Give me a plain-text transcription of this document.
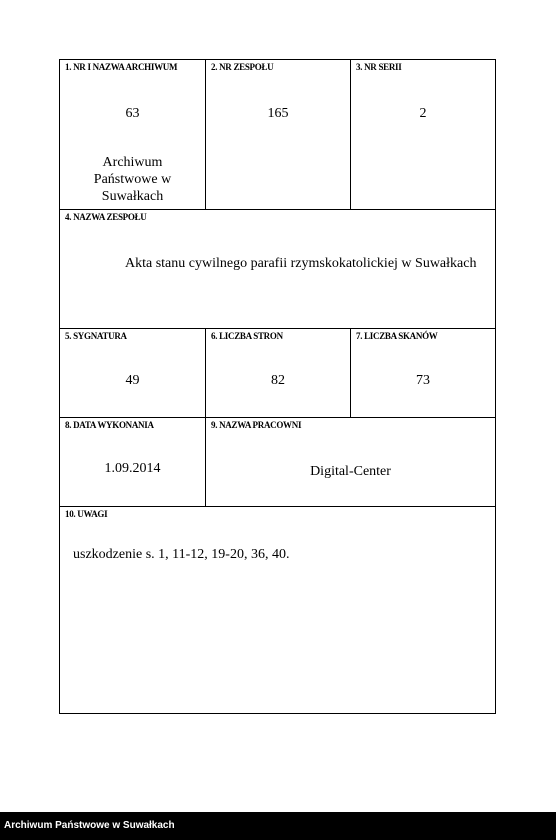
1. NR I NAZWA ARCHIWUM
63
Archiwum Państwowe w Suwałkach
2. NR ZESPOŁU
165
3. NR SERII
2
4. NAZWA ZESPOŁU
Akta stanu cywilnego parafii rzymskokatolickiej w Suwałkach
5. SYGNATURA
49
6. LICZBA STRON
82
7. LICZBA SKANÓW
73
8. DATA WYKONANIA
1.09.2014
9. NAZWA PRACOWNI
Digital-Center
10. UWAGI
uszkodzenie s. 1, 11-12, 19-20, 36, 40.
Archiwum Państwowe w Suwałkach
